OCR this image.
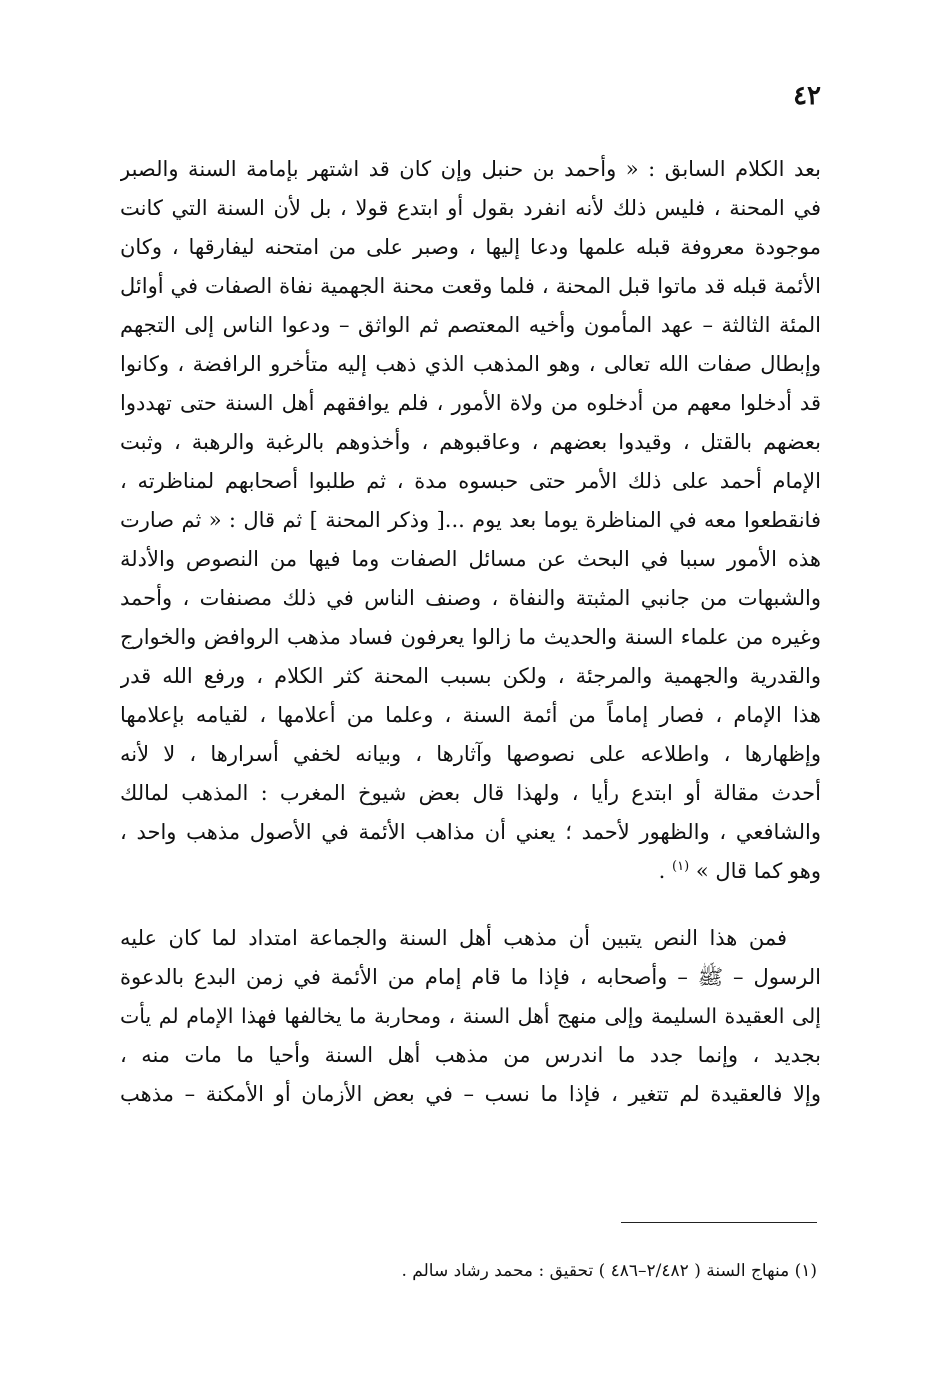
٤٢

بعد الكلام السابق : « وأحمد بن حنبل وإن كان قد اشتهر بإمامة السنة والصبر
في المحنة ، فليس ذلك لأنه انفرد بقول أو ابتدع قولا ، بل لأن السنة التي كانت
موجودة معروفة قبله علمها ودعا إليها ، وصبر على من امتحنه ليفارقها ، وكان
الأئمة قبله قد ماتوا قبل المحنة ، فلما وقعت محنة الجهمية نفاة الصفات في أوائل
المئة الثالثة – عهد المأمون وأخيه المعتصم ثم الواثق – ودعوا الناس إلى التجهم
وإبطال صفات الله تعالى ، وهو المذهب الذي ذهب إليه متأخرو الرافضة ، وكانوا
قد أدخلوا معهم من أدخلوه من ولاة الأمور ، فلم يوافقهم أهل السنة حتى تهددوا
بعضهم بالقتل ، وقيدوا بعضهم ، وعاقبوهم ، وأخذوهم بالرغبة والرهبة ، وثبت
الإمام أحمد على ذلك الأمر حتى حبسوه مدة ، ثم طلبوا أصحابهم لمناظرته ،
فانقطعوا معه في المناظرة يوما بعد يوم ...[ وذكر المحنة ] ثم قال : « ثم صارت
هذه الأمور سببا في البحث عن مسائل الصفات وما فيها من النصوص والأدلة
والشبهات من جانبي المثبتة والنفاة ، وصنف الناس في ذلك مصنفات ، وأحمد
وغيره من علماء السنة والحديث ما زالوا يعرفون فساد مذهب الروافض والخوارج
والقدرية والجهمية والمرجئة ، ولكن بسبب المحنة كثر الكلام ، ورفع الله قدر
هذا الإمام ، فصار إماماً من أئمة السنة ، وعلما من أعلامها ، لقيامه بإعلامها
وإظهارها ، واطلاعه على نصوصها وآثارها ، وبيانه لخفي أسرارها ، لا لأنه
أحدث مقالة أو ابتدع رأيا ، ولهذا قال بعض شيوخ المغرب : المذهب لمالك
والشافعي ، والظهور لأحمد ؛ يعني أن مذاهب الأئمة في الأصول مذهب واحد ،
وهو كما قال » $^{(١)}$ .

فمن هذا النص يتبين أن مذهب أهل السنة والجماعة امتداد لما كان عليه
الرسول – ﷺ – وأصحابه ، فإذا ما قام إمام من الأئمة في زمن البدع بالدعوة
إلى العقيدة السليمة وإلى منهج أهل السنة ، ومحاربة ما يخالفها فهذا الإمام لم يأت
بجديد ، وإنما جدد ما اندرس من مذهب أهل السنة وأحيا ما مات منه ،
وإلا فالعقيدة لم تتغير ، فإذا ما نسب – في بعض الأزمان أو الأمكنة – مذهب

(١) منهاج السنة ( ٢/٤٨٢–٤٨٦ ) تحقيق : محمد رشاد سالم .
